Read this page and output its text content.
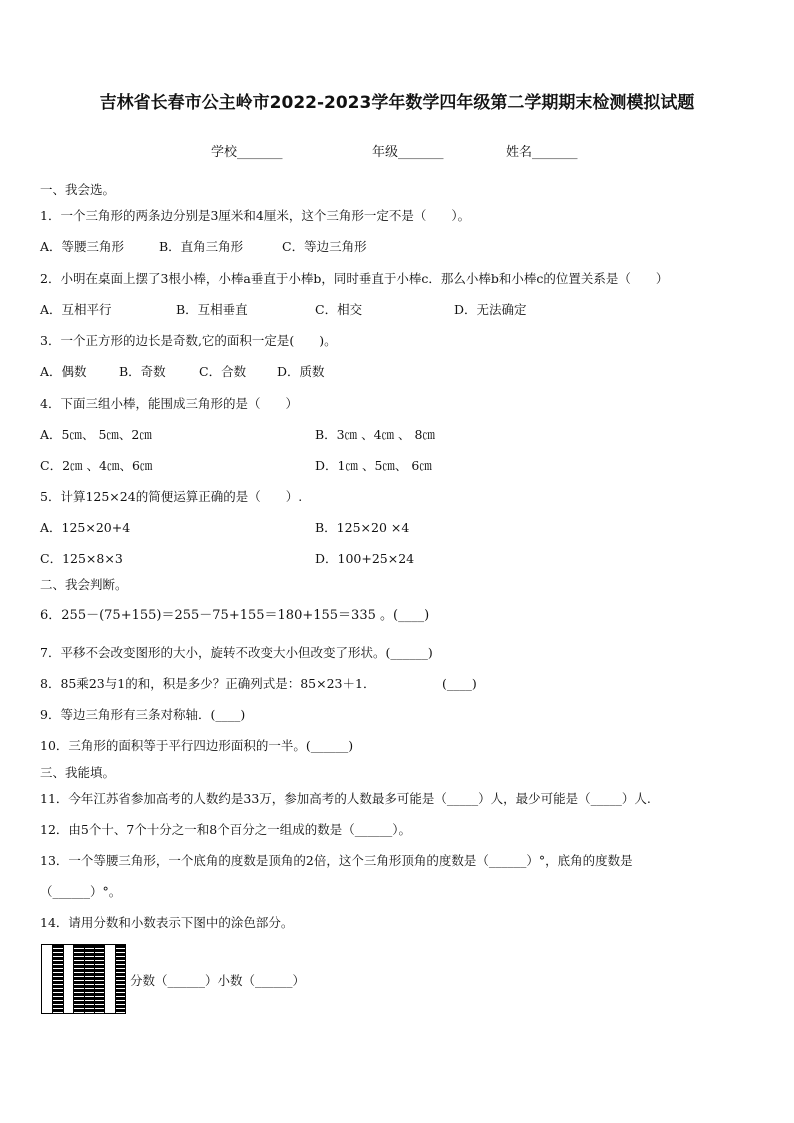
吉林省长春市公主岭市2022-2023学年数学四年级第二学期期末检测模拟试题
学校_______	年级_______	姓名_______
一、我会选。
1．一个三角形的两条边分别是3厘米和4厘米，这个三角形一定不是（　　）。
A．等腰三角形	B．直角三角形	C．等边三角形
2．小明在桌面上摆了3根小棒，小棒a垂直于小棒b，同时垂直于小棒c．那么小棒b和小棒c的位置关系是（　　）
A．互相平行	B．互相垂直	C．相交	D．无法确定
3．一个正方形的边长是奇数,它的面积一定是(　　)。
A．偶数	B．奇数	C．合数 D．质数
4．下面三组小棒，能围成三角形的是（　　）
A．5㎝、 5㎝、2㎝	B．3㎝ 、4㎝ 、 8㎝
C．2㎝ 、4㎝、6㎝	D．1㎝ 、5㎝、 6㎝
5．计算125×24的简便运算正确的是（　　）.
A．125×20+4	B．125×20 ×4
C．125×8×3	D．100+25×24
二、我会判断。
6．255－(75+155)＝255－75+155＝180+155＝335 。(____)
7．平移不会改变图形的大小，旋转不改变大小但改变了形状。(______)
8．85乘23与1的和，积是多少？正确列式是：85×23＋1．	(____)
9．等边三角形有三条对称轴．(____)
10．三角形的面积等于平行四边形面积的一半。(______)
三、我能填。
11．今年江苏省参加高考的人数约是33万，参加高考的人数最多可能是（_____）人，最少可能是（_____）人.
12．由5个十、7个十分之一和8个百分之一组成的数是（______）。
13．一个等腰三角形，一个底角的度数是顶角的2倍，这个三角形顶角的度数是（______）°，底角的度数是
（______）°。
14．请用分数和小数表示下图中的涂色部分。
分数（______）小数（______）
